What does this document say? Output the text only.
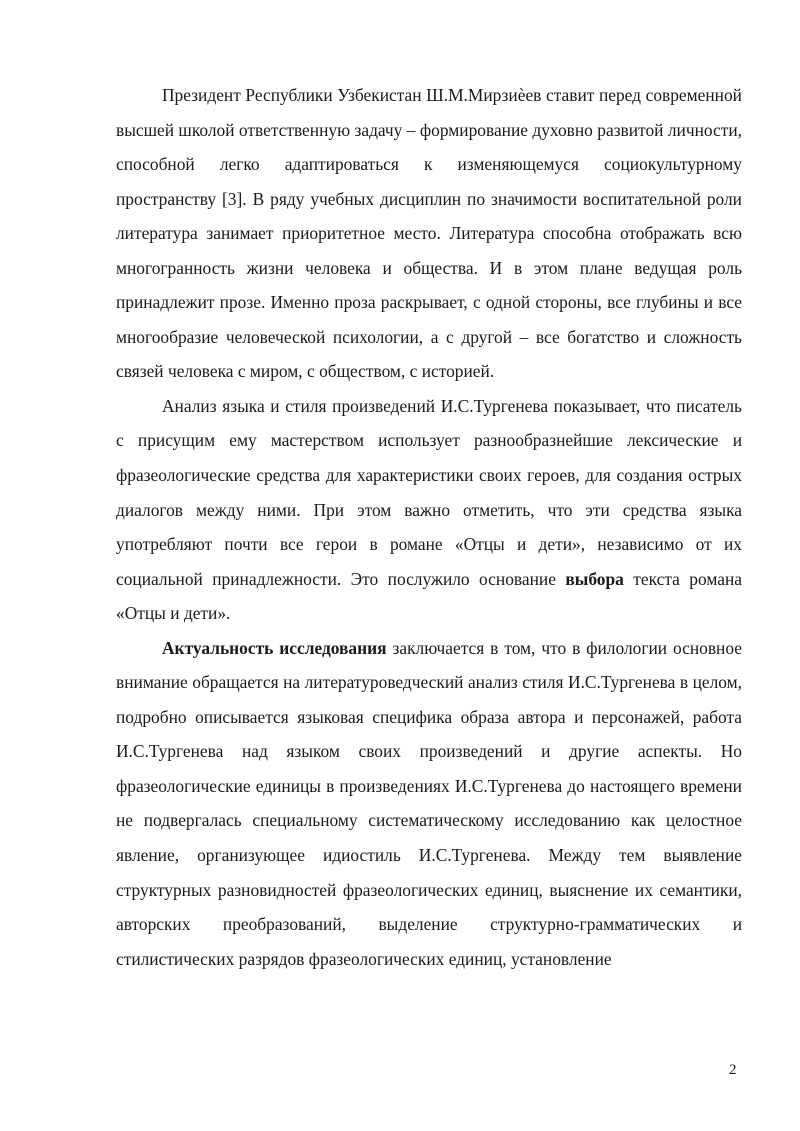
Президент Республики Узбекистан Ш.М.Мирзиѐев ставит перед современной высшей школой ответственную задачу – формирование духовно развитой личности, способной легко адаптироваться к изменяющемуся социокультурному пространству [3]. В ряду учебных дисциплин по значимости воспитательной роли литература занимает приоритетное место. Литература способна отображать всю многогранность жизни человека и общества. И в этом плане ведущая роль принадлежит прозе. Именно проза раскрывает, с одной стороны, все глубины и все многообразие человеческой психологии, а с другой – все богатство и сложность связей человека с миром, с обществом, с историей.

Анализ языка и стиля произведений И.С.Тургенева показывает, что писатель с присущим ему мастерством использует разнообразнейшие лексические и фразеологические средства для характеристики своих героев, для создания острых диалогов между ними. При этом важно отметить, что эти средства языка употребляют почти все герои в романе «Отцы и дети», независимо от их социальной принадлежности. Это послужило основание выбора текста романа «Отцы и дети».

Актуальность исследования заключается в том, что в филологии основное внимание обращается на литературоведческий анализ стиля И.С.Тургенева в целом, подробно описывается языковая специфика образа автора и персонажей, работа И.С.Тургенева над языком своих произведений и другие аспекты. Но фразеологические единицы в произведениях И.С.Тургенева до настоящего времени не подвергалась специальному систематическому исследованию как целостное явление, организующее идиостиль И.С.Тургенева. Между тем выявление структурных разновидностей фразеологических единиц, выяснение их семантики, авторских преобразований, выделение структурно-грамматических и стилистических разрядов фразеологических единиц, установление

2
